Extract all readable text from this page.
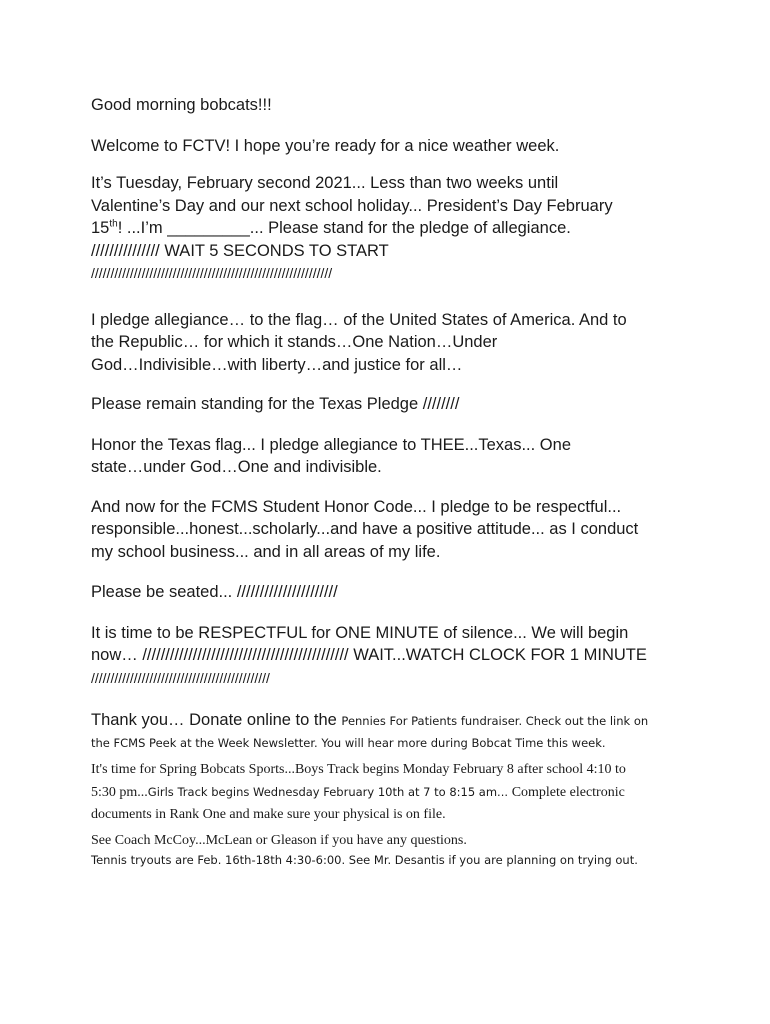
Good morning bobcats!!!

Welcome to FCTV! I hope you’re ready for a nice weather week.

It’s Tuesday, February second 2021... Less than two weeks until

Valentine’s Day and our next school holiday... President’s Day February

15th! ...I’m _________... Please stand for the pledge of allegiance.

/////////////// WAIT 5 SECONDS TO START

//////////////////////////////////////////////////////////////

I pledge allegiance… to the flag… of the United States of America. And to

the Republic… for which it stands…One Nation…Under

God…Indivisible…with liberty…and justice for all…

Please remain standing for the Texas Pledge ////////

Honor the Texas flag... I pledge allegiance to THEE...Texas... One

state…under God…One and indivisible.

And now for the FCMS Student Honor Code... I pledge to be respectful...

responsible...honest...scholarly...and have a positive attitude... as I conduct

my school business... and in all areas of my life.

Please be seated... //////////////////////

It is time to be RESPECTFUL for ONE MINUTE of silence... We will begin

now… ///////////////////////////////////////////// WAIT...WATCH CLOCK FOR 1 MINUTE

//////////////////////////////////////////////

Thank you… Donate online to the Pennies For Patients fundraiser. Check out the link on

the FCMS Peek at the Week Newsletter. You will hear more during Bobcat Time this week.

It's time for Spring Bobcats Sports...Boys Track begins Monday February 8 after school 4:10 to

5:30 pm...Girls Track begins Wednesday February 10th at 7 to 8:15 am... Complete electronic

documents in Rank One and make sure your physical is on file.

See Coach McCoy...McLean or Gleason if you have any questions.

Tennis tryouts are Feb. 16th-18th 4:30-6:00. See Mr. Desantis if you are planning on trying out.
